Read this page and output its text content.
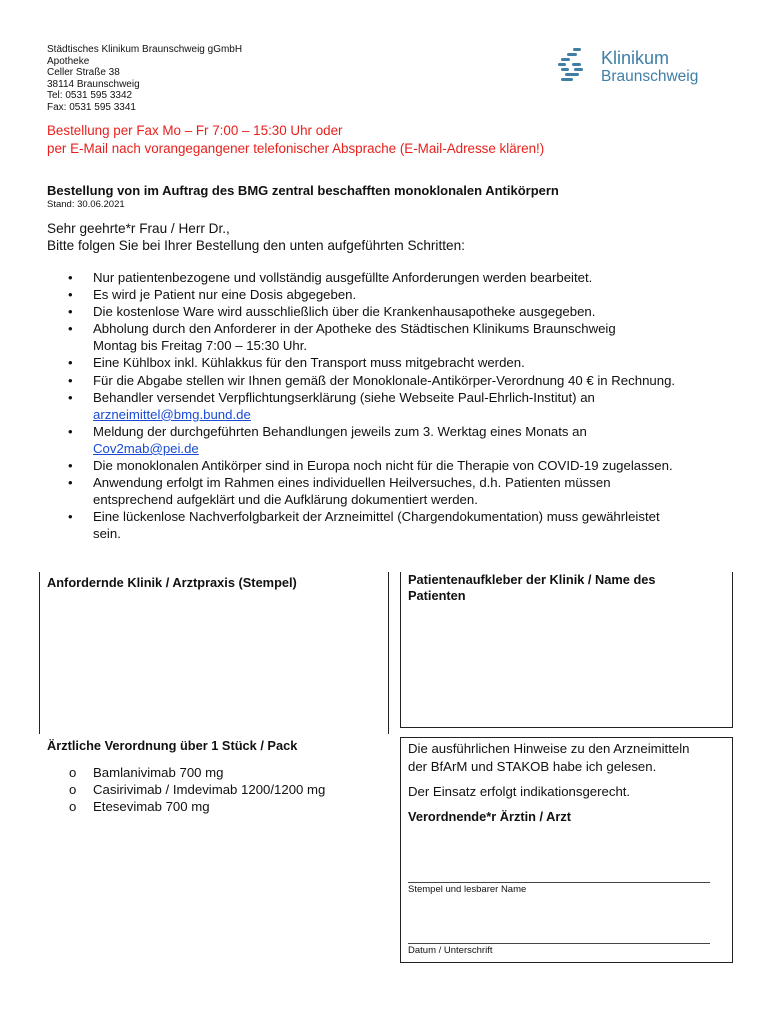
Städtisches Klinikum Braunschweig gGmbH
Apotheke
Celler Straße 38
38114 Braunschweig
Tel: 0531 595 3342
Fax: 0531 595 3341
Klinikum
Braunschweig
Bestellung per Fax Mo – Fr 7:00 – 15:30 Uhr oder
per E-Mail nach vorangegangener telefonischer Absprache (E-Mail-Adresse klären!)
Bestellung von im Auftrag des BMG zentral beschafften monoklonalen Antikörpern
Stand: 30.06.2021
Sehr geehrte*r Frau / Herr Dr.,
Bitte folgen Sie bei Ihrer Bestellung den unten aufgeführten Schritten:
• Nur patientenbezogene und vollständig ausgefüllte Anforderungen werden bearbeitet.
• Es wird je Patient nur eine Dosis abgegeben.
• Die kostenlose Ware wird ausschließlich über die Krankenhausapotheke ausgegeben.
• Abholung durch den Anforderer in der Apotheke des Städtischen Klinikums Braunschweig
Montag bis Freitag 7:00 – 15:30 Uhr.
• Eine Kühlbox inkl. Kühlakkus für den Transport muss mitgebracht werden.
• Für die Abgabe stellen wir Ihnen gemäß der Monoklonale-Antikörper-Verordnung 40 € in Rechnung.
• Behandler versendet Verpflichtungserklärung (siehe Webseite Paul-Ehrlich-Institut) an
arzneimittel@bmg.bund.de
• Meldung der durchgeführten Behandlungen jeweils zum 3. Werktag eines Monats an
Cov2mab@pei.de
• Die monoklonalen Antikörper sind in Europa noch nicht für die Therapie von COVID-19 zugelassen.
• Anwendung erfolgt im Rahmen eines individuellen Heilversuches, d.h. Patienten müssen
entsprechend aufgeklärt und die Aufklärung dokumentiert werden.
• Eine lückenlose Nachverfolgbarkeit der Arzneimittel (Chargendokumentation) muss gewährleistet
sein.
Anfordernde Klinik / Arztpraxis (Stempel)	Patientenaufkleber der Klinik / Name des Patienten
Ärztliche Verordnung über 1 Stück / Pack
o Bamlanivimab 700 mg
o Casirivimab / Imdevimab 1200/1200 mg
o Etesevimab 700 mg
Die ausführlichen Hinweise zu den Arzneimitteln
der BfArM und STAKOB habe ich gelesen.
Der Einsatz erfolgt indikationsgerecht.
Verordnende*r Ärztin / Arzt
Stempel und lesbarer Name
Datum / Unterschrift
